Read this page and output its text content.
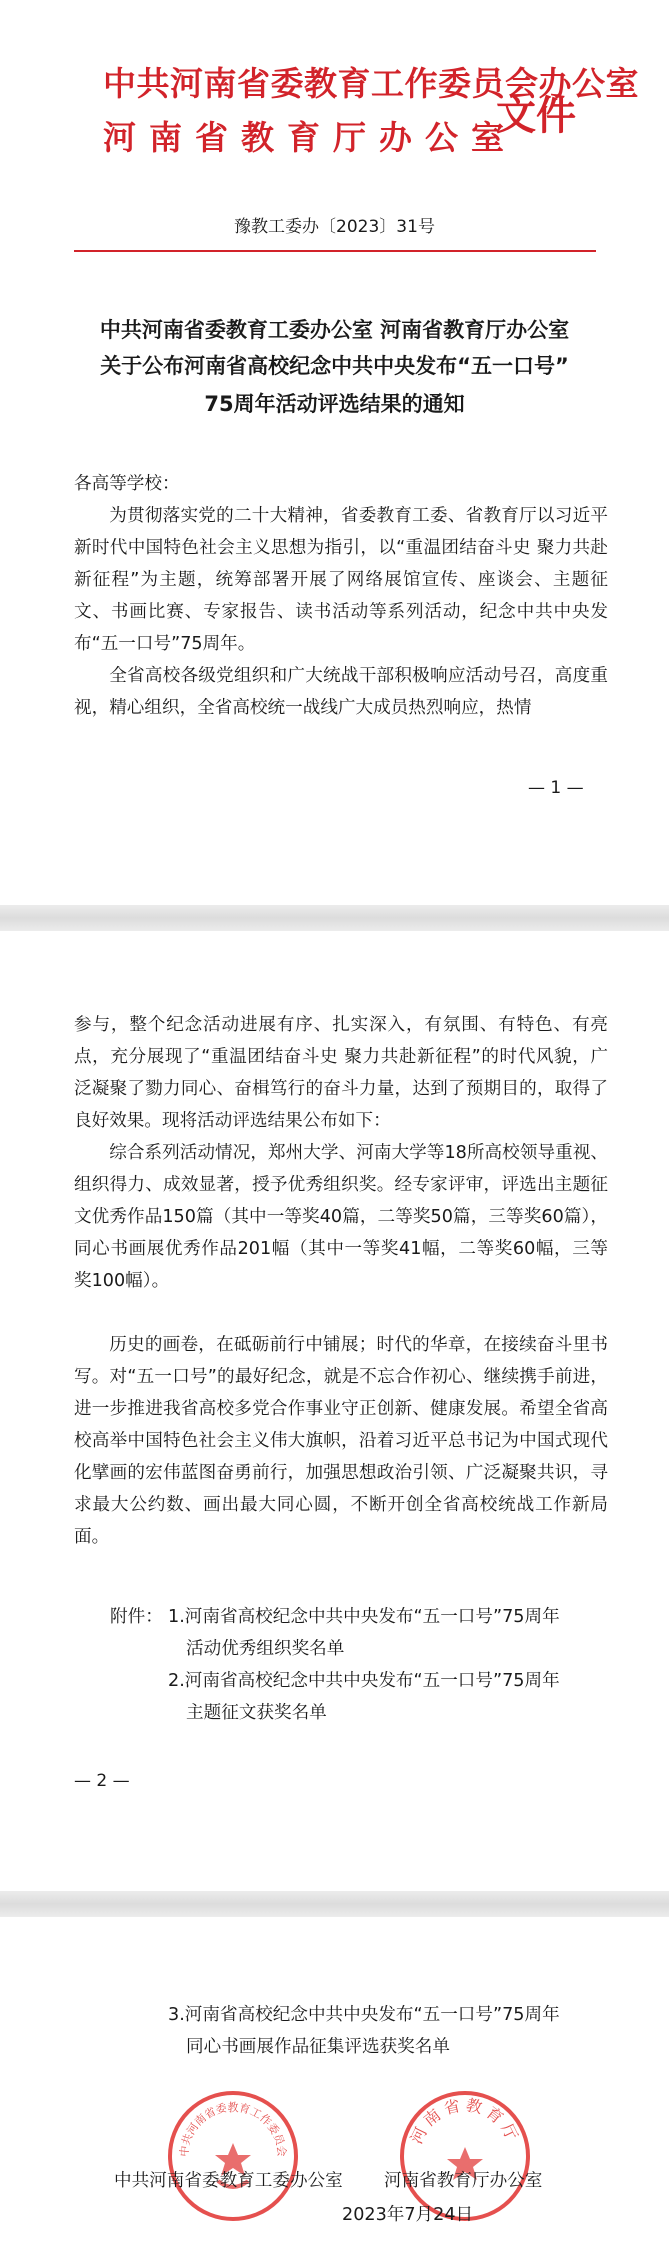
中共河南省委教育工作委员会办公室
河南省教育厅办公室
文件
豫教工委办〔2023〕31号
中共河南省委教育工委办公室 河南省教育厅办公室
关于公布河南省高校纪念中共中央发布“五一口号”
75周年活动评选结果的通知
各高等学校：
为贯彻落实党的二十大精神，省委教育工委、省教育厅以习近平新时代中国特色社会主义思想为指引，以“重温团结奋斗史 聚力共赴新征程”为主题，统筹部署开展了网络展馆宣传、座谈会、主题征文、书画比赛、专家报告、读书活动等系列活动，纪念中共中央发布“五一口号”75周年。
全省高校各级党组织和广大统战干部积极响应活动号召，高度重视，精心组织，全省高校统一战线广大成员热烈响应，热情
— 1 —
参与，整个纪念活动进展有序、扎实深入，有氛围、有特色、有亮点，充分展现了“重温团结奋斗史 聚力共赴新征程”的时代风貌，广泛凝聚了勠力同心、奋楫笃行的奋斗力量，达到了预期目的，取得了良好效果。现将活动评选结果公布如下：
综合系列活动情况，郑州大学、河南大学等18所高校领导重视、组织得力、成效显著，授予优秀组织奖。经专家评审，评选出主题征文优秀作品150篇（其中一等奖40篇，二等奖50篇，三等奖60篇），同心书画展优秀作品201幅（其中一等奖41幅，二等奖60幅，三等奖100幅）。
历史的画卷，在砥砺前行中铺展；时代的华章，在接续奋斗里书写。对“五一口号”的最好纪念，就是不忘合作初心、继续携手前进，进一步推进我省高校多党合作事业守正创新、健康发展。希望全省高校高举中国特色社会主义伟大旗帜，沿着习近平总书记为中国式现代化擘画的宏伟蓝图奋勇前行，加强思想政治引领、广泛凝聚共识，寻求最大公约数、画出最大同心圆，不断开创全省高校统战工作新局面。
附件： 1.河南省高校纪念中共中央发布“五一口号”75周年
活动优秀组织奖名单
2.河南省高校纪念中共中央发布“五一口号”75周年
主题征文获奖名单
— 2 —
3.河南省高校纪念中共中央发布“五一口号”75周年
同心书画展作品征集评选获奖名单
中共河南省委教育工作委员会
河南省教育厅
中共河南省委教育工委办公室 河南省教育厅办公室
2023年7月24日
